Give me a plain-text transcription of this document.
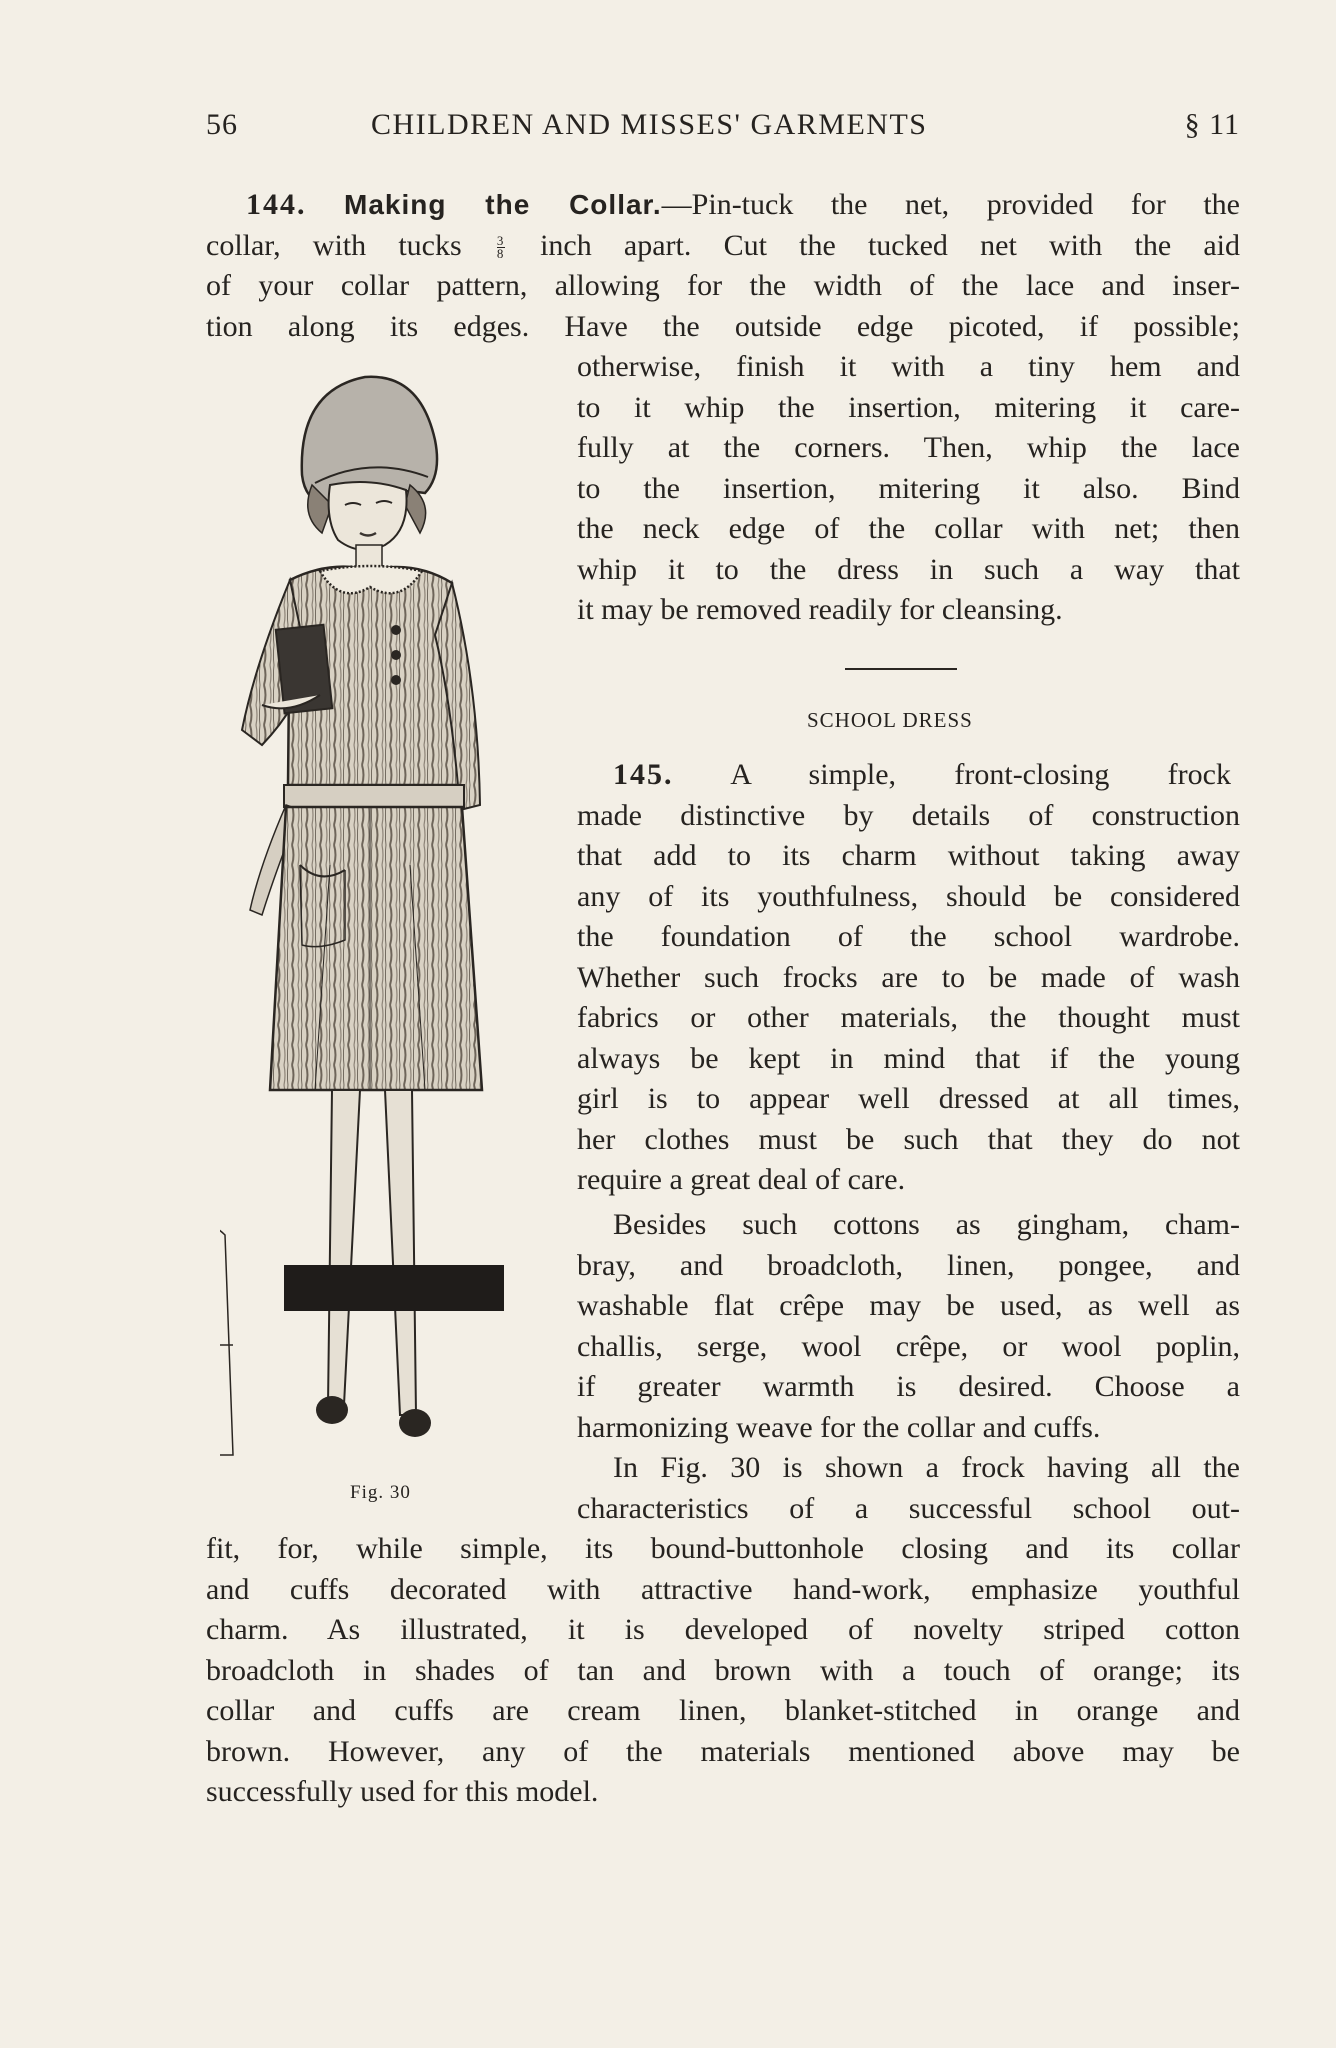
56	CHILDREN AND MISSES' GARMENTS	§ 11
144. Making the Collar.—Pin-tuck the net, provided for the
collar, with tucks	$\frac{3}{8}$ inch apart. Cut the tucked net with the aid
of your collar pattern, allowing for the width of the lace and inser-
tion along its edges. Have the outside edge picoted, if possible;
otherwise, finish it with a tiny hem and
to it whip the insertion, mitering it care-
fully at the corners. Then, whip the lace
to the insertion, mitering it also. Bind
the neck edge of the collar with net; then
whip it to the dress in such a way that
it may be removed readily for cleansing.
SCHOOL DRESS
145. A simple, front-closing frock
made distinctive by details of construction
that add to its charm without taking away
any of its youthfulness, should be considered
the foundation of the school wardrobe.
Whether such frocks are to be made of wash
fabrics or other materials, the thought must
always be kept in mind that if the young
girl is to appear well dressed at all times,
her clothes must be such that they do not
require a great deal of care.
Besides such cottons as gingham, cham-
bray, and broadcloth, linen, pongee, and
washable flat crêpe may be used, as well as
challis, serge, wool crêpe, or wool poplin,
if greater warmth is desired. Choose a
harmonizing weave for the collar and cuffs.
In Fig. 30 is shown a frock having all the
characteristics of a successful school out-
fit, for, while simple, its bound-buttonhole closing and its collar
and cuffs decorated with attractive hand-work, emphasize youthful
charm. As illustrated, it is developed of novelty striped cotton
broadcloth in shades of tan and brown with a touch of orange; its
collar and cuffs are cream linen, blanket-stitched in orange and
brown. However, any of the materials mentioned above may be
successfully used for this model.
Fig. 30
